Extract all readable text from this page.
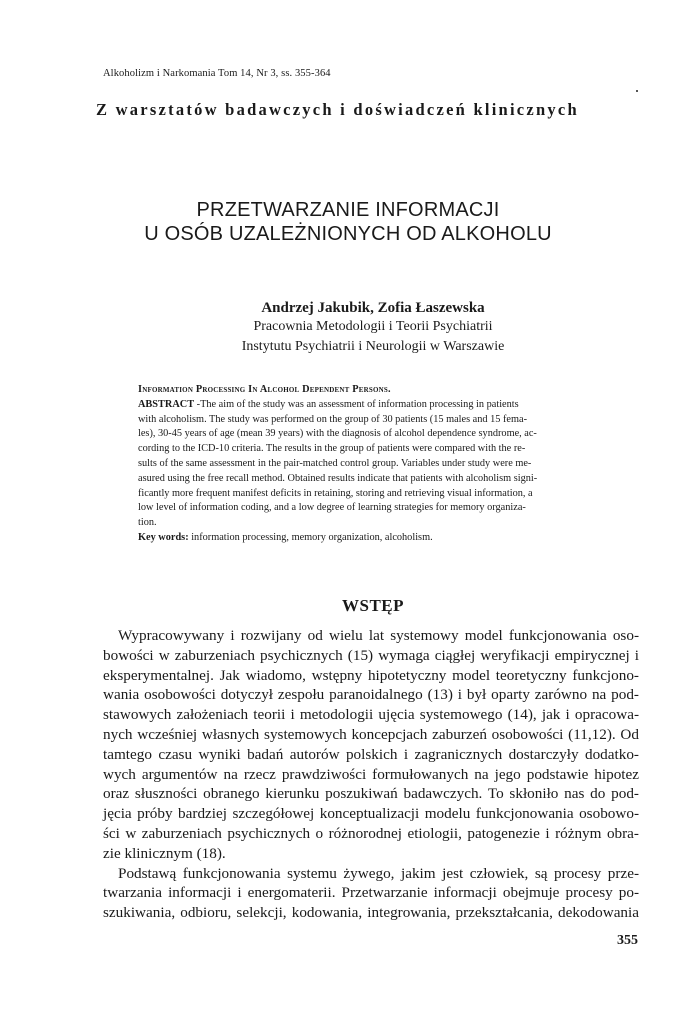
Alkoholizm i Narkomania Tom 14, Nr 3, ss. 355-364
Z warsztatów badawczych i doświadczeń klinicznych
PRZETWARZANIE INFORMACJI
U OSÓB UZALEŻNIONYCH OD ALKOHOLU
Andrzej Jakubik, Zofia Łaszewska
Pracownia Metodologii i Teorii Psychiatrii
Instytutu Psychiatrii i Neurologii w Warszawie
Information Processing In Alcohol Dependent Persons.
ABSTRACT -The aim of the study was an assessment of information processing in patients
with alcoholism. The study was performed on the group of 30 patients (15 males and 15 fema-
les), 30-45 years of age (mean 39 years) with the diagnosis of alcohol dependence syndrome, ac-
cording to the ICD-10 criteria. The results in the group of patients were compared with the re-
sults of the same assessment in the pair-matched control group. Variables under study were me-
asured using the free recall method. Obtained results indicate that patients with alcoholism signi-
ficantly more frequent manifest deficits in retaining, storing and retrieving visual information, a
low level of information coding, and a low degree of learning strategies for memory organiza-
tion.
Key words: information processing, memory organization, alcoholism.
WSTĘP
Wypracowywany i rozwijany od wielu lat systemowy model funkcjonowania oso-
bowości w zaburzeniach psychicznych (15) wymaga ciągłej weryfikacji empirycznej i
eksperymentalnej. Jak wiadomo, wstępny hipotetyczny model teoretyczny funkcjono-
wania osobowości dotyczył zespołu paranoidalnego (13) i był oparty zarówno na pod-
stawowych założeniach teorii i metodologii ujęcia systemowego (14), jak i opracowa-
nych wcześniej własnych systemowych koncepcjach zaburzeń osobowości (11,12). Od
tamtego czasu wyniki badań autorów polskich i zagranicznych dostarczyły dodatko-
wych argumentów na rzecz prawdziwości formułowanych na jego podstawie hipotez
oraz słuszności obranego kierunku poszukiwań badawczych. To skłoniło nas do pod-
jęcia próby bardziej szczegółowej konceptualizacji modelu funkcjonowania osobowo-
ści w zaburzeniach psychicznych o różnorodnej etiologii, patogenezie i różnym obra-
zie klinicznym (18).
Podstawą funkcjonowania systemu żywego, jakim jest człowiek, są procesy prze-
twarzania informacji i energomaterii. Przetwarzanie informacji obejmuje procesy po-
szukiwania, odbioru, selekcji, kodowania, integrowania, przekształcania, dekodowania
355
